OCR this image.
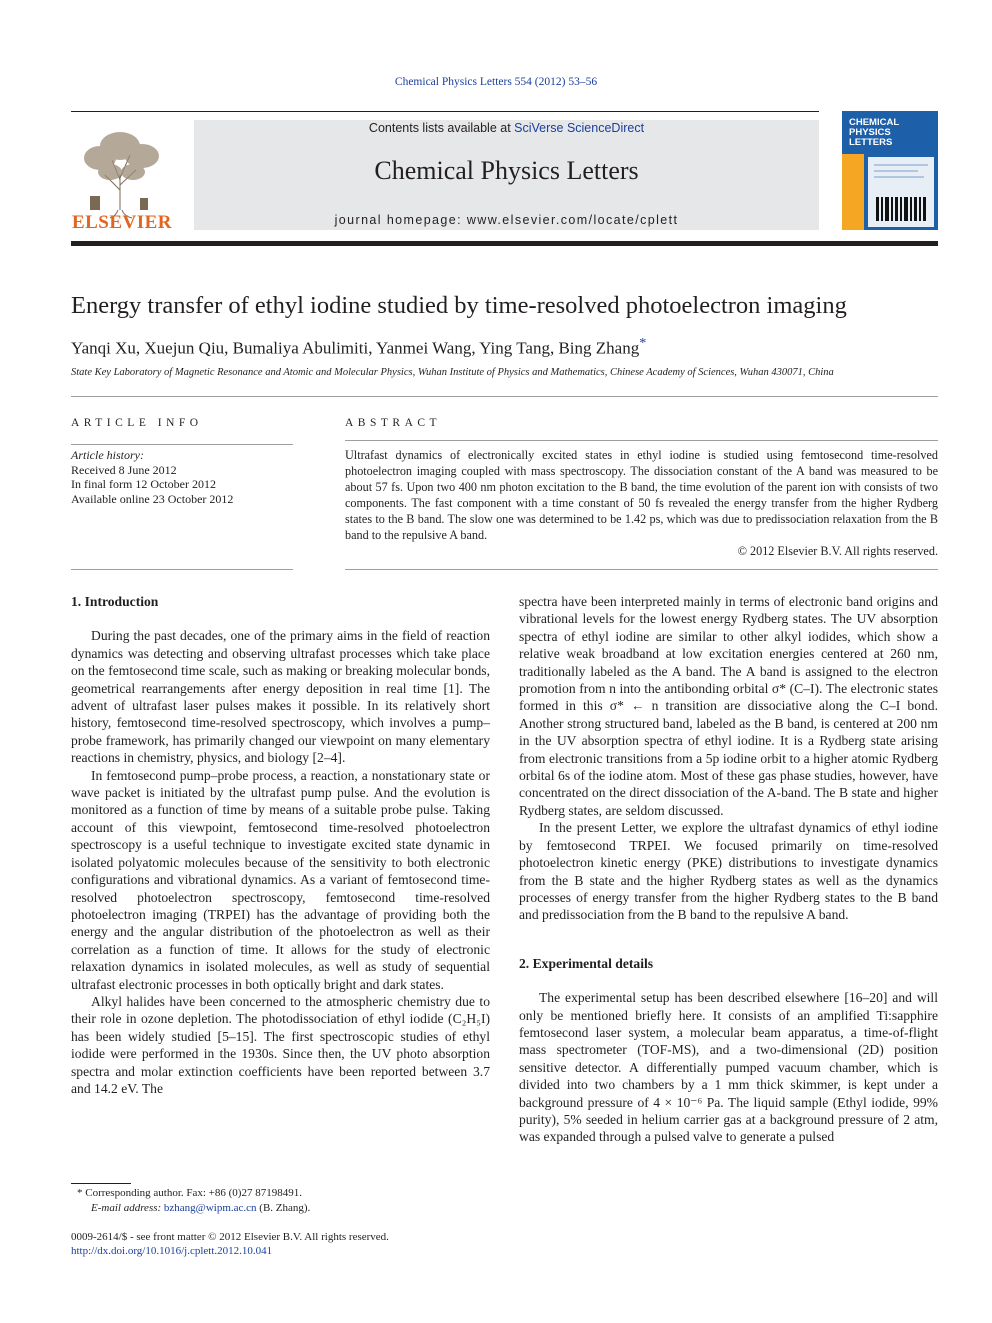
Chemical Physics Letters 554 (2012) 53–56
ELSEVIER
Contents lists available at SciVerse ScienceDirect
Chemical Physics Letters
journal homepage: www.elsevier.com/locate/cplett
CHEMICAL
PHYSICS
LETTERS
Energy transfer of ethyl iodine studied by time-resolved photoelectron imaging
Yanqi Xu, Xuejun Qiu, Bumaliya Abulimiti, Yanmei Wang, Ying Tang, Bing Zhang*
State Key Laboratory of Magnetic Resonance and Atomic and Molecular Physics, Wuhan Institute of Physics and Mathematics, Chinese Academy of Sciences, Wuhan 430071, China
ARTICLE INFO	ABSTRACT
Article history:
Received 8 June 2012
In final form 12 October 2012
Available online 23 October 2012
Ultrafast dynamics of electronically excited states in ethyl iodine is studied using femtosecond time-resolved photoelectron imaging coupled with mass spectroscopy. The dissociation constant of the A band was measured to be about 57 fs. Upon two 400 nm photon excitation to the B band, the time evolution of the parent ion with consists of two components. The fast component with a time constant of 50 fs revealed the energy transfer from the higher Rydberg states to the B band. The slow one was determined to be 1.42 ps, which was due to predissociation relaxation from the B band to the repulsive A band.
© 2012 Elsevier B.V. All rights reserved.
1. Introduction

During the past decades, one of the primary aims in the field of reaction dynamics was detecting and observing ultrafast processes which take place on the femtosecond time scale, such as making or breaking molecular bonds, geometrical rearrangements after energy deposition in real time [1]. The advent of ultrafast laser pulses makes it possible. In its relatively short history, femtosecond time-resolved spectroscopy, which involves a pump–probe framework, has primarily changed our viewpoint on many elementary reactions in chemistry, physics, and biology [2–4].

In femtosecond pump–probe process, a reaction, a nonstationary state or wave packet is initiated by the ultrafast pump pulse. And the evolution is monitored as a function of time by means of a suitable probe pulse. Taking account of this viewpoint, femtosecond time-resolved photoelectron spectroscopy is a useful technique to investigate excited state dynamic in isolated polyatomic molecules because of the sensitivity to both electronic configurations and vibrational dynamics. As a variant of femtosecond time-resolved photoelectron spectroscopy, femtosecond time-resolved photoelectron imaging (TRPEI) has the advantage of providing both the energy and the angular distribution of the photoelectron as well as their correlation as a function of time. It allows for the study of electronic relaxation dynamics in isolated molecules, as well as study of sequential ultrafast electronic processes in both optically bright and dark states.

Alkyl halides have been concerned to the atmospheric chemistry due to their role in ozone depletion. The photodissociation of ethyl iodide (C₂H₅I) has been widely studied [5–15]. The first spectroscopic studies of ethyl iodide were performed in the 1930s. Since then, the UV photo absorption spectra and molar extinction coefficients have been reported between 3.7 and 14.2 eV. The

spectra have been interpreted mainly in terms of electronic band origins and vibrational levels for the lowest energy Rydberg states. The UV absorption spectra of ethyl iodine are similar to other alkyl iodides, which show a relative weak broadband at low excitation energies centered at 260 nm, traditionally labeled as the A band. The A band is assigned to the electron promotion from n into the antibonding orbital σ* (C–I). The electronic states formed in this σ* ← n transition are dissociative along the C–I bond. Another strong structured band, labeled as the B band, is centered at 200 nm in the UV absorption spectra of ethyl iodine. It is a Rydberg state arising from electronic transitions from a 5p iodine orbit to a higher atomic Rydberg orbital 6s of the iodine atom. Most of these gas phase studies, however, have concentrated on the direct dissociation of the A-band. The B state and higher Rydberg states, are seldom discussed.

In the present Letter, we explore the ultrafast dynamics of ethyl iodine by femtosecond TRPEI. We focused primarily on time-resolved photoelectron kinetic energy (PKE) distributions to investigate dynamics from the B state and the higher Rydberg states as well as the dynamics processes of energy transfer from the higher Rydberg states to the B band and predissociation from the B band to the repulsive A band.

2. Experimental details

The experimental setup has been described elsewhere [16–20] and will only be mentioned briefly here. It consists of an amplified Ti:sapphire femtosecond laser system, a molecular beam apparatus, a time-of-flight mass spectrometer (TOF-MS), and a two-dimensional (2D) position sensitive detector. A differentially pumped vacuum chamber, which is divided into two chambers by a 1 mm thick skimmer, is kept under a background pressure of 4 × 10⁻⁶ Pa. The liquid sample (Ethyl iodide, 99% purity), 5% seeded in helium carrier gas at a background pressure of 2 atm, was expanded through a pulsed valve to generate a pulsed

* Corresponding author. Fax: +86 (0)27 87198491.
E-mail address: bzhang@wipm.ac.cn (B. Zhang).
0009-2614/$ - see front matter © 2012 Elsevier B.V. All rights reserved.
http://dx.doi.org/10.1016/j.cplett.2012.10.041
